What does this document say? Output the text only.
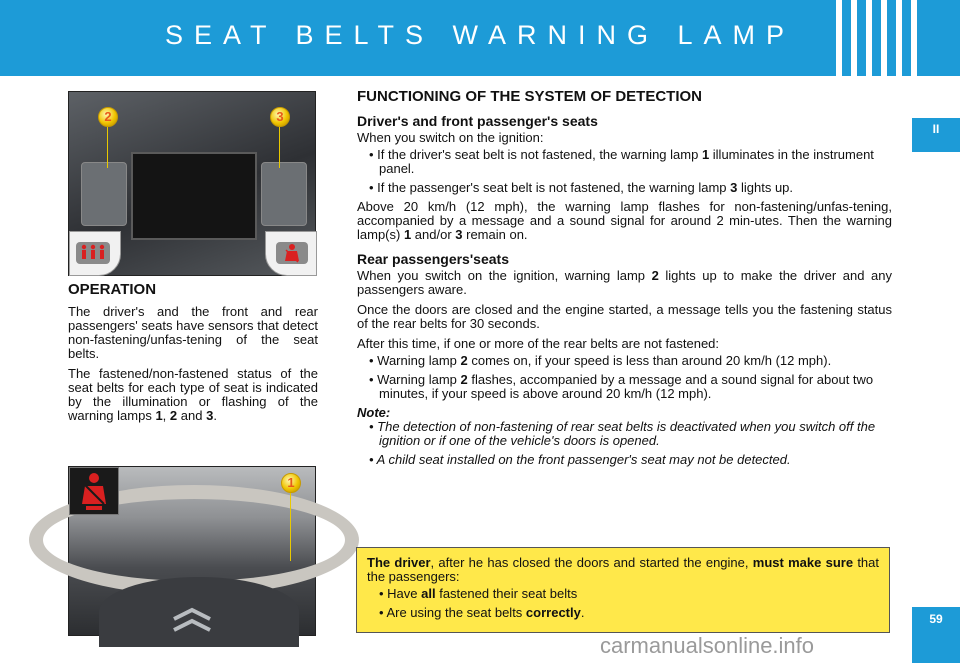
SEAT BELTS WARNING LAMP
II
2	3
OPERATION

The driver's and the front and rear passengers' seats have sensors that detect non-fastening/unfas-tening of the seat belts.

The fastened/non-fastened status of the seat belts for each type of seat is indicated by the illumination or flashing of the warning lamps 1, 2 and 3.

1
FUNCTIONING OF THE SYSTEM OF DETECTION
Driver's and front passenger's seats

When you switch on the ignition:

• If the driver's seat belt is not fastened, the warning lamp 1 illuminates in the instrument panel.
• If the passenger's seat belt is not fastened, the warning lamp 3 lights up.

Above 20 km/h (12 mph), the warning lamp flashes for non-fastening/unfas-tening, accompanied by a message and a sound signal for around 2 min-utes. Then the warning lamp(s) 1 and/or 3 remain on.

Rear passengers'seats

When you switch on the ignition, warning lamp 2 lights up to make the driver and any passengers aware.

Once the doors are closed and the engine started, a message tells you the fastening status of the rear belts for 30 seconds.

After this time, if one or more of the rear belts are not fastened:

• Warning lamp 2 comes on, if your speed is less than around 20 km/h (12 mph).
• Warning lamp 2 flashes, accompanied by a message and a sound signal for about two minutes, if your speed is above around 20 km/h (12 mph).
Note:
• The detection of non-fastening of rear seat belts is deactivated when you switch off the ignition or if one of the vehicle's doors is opened.
• A child seat installed on the front passenger's seat may not be detected.

The driver, after he has closed the doors and started the engine, must make sure that the passengers:

• Have all fastened their seat belts
• Are using the seat belts correctly.
carmanualsonline.info
59
